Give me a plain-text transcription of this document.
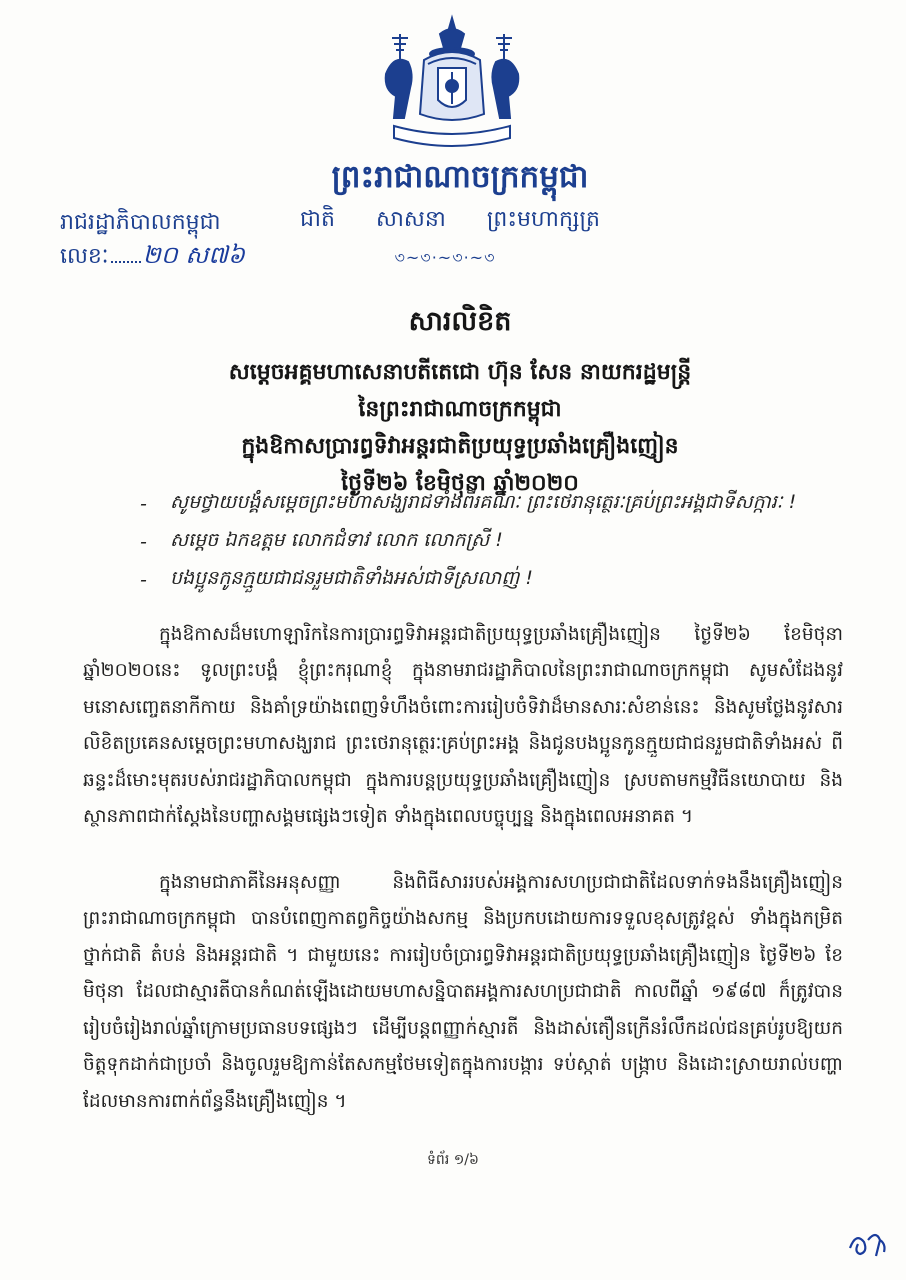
ព្រះរាជាណាចក្រកម្ពុជា
ជាតិ សាសនា ព្រះមហាក្សត្រ
৩~৩·~৩·~৩
រាជរដ្ឋាភិបាលកម្ពុជា
លេខៈ ២០ ស៧៦
សារលិខិត
សម្តេចអគ្គមហាសេនាបតីតេជោ ហ៊ុន សែន នាយករដ្ឋមន្ត្រី
នៃព្រះរាជាណាចក្រកម្ពុជា
ក្នុងឱកាសប្រារព្ធទិវាអន្តរជាតិប្រយុទ្ធប្រឆាំងគ្រឿងញៀន
ថ្ងៃទី២៦ ខែមិថុនា ឆ្នាំ២០២០
-	សូមថ្វាយបង្គំសម្តេចព្រះមហាសង្ឃរាជទាំងពីរគណៈ ព្រះថេរានុត្ថេរៈគ្រប់ព្រះអង្គជាទីសក្ការៈ !
-	សម្តេច ឯកឧត្តម លោកជំទាវ លោក លោកស្រី !
-	បងប្អូនកូនក្មួយជាជនរួមជាតិទាំងអស់ជាទីស្រលាញ់ !

ក្នុងឱកាសដ៏មហោឡារិកនៃការប្រារព្ធទិវាអន្តរជាតិប្រយុទ្ធប្រឆាំងគ្រឿងញៀន ថ្ងៃទី២៦ ខែមិថុនា ឆ្នាំ២០២០នេះ ទូលព្រះបង្គំ ខ្ញុំព្រះករុណាខ្ញុំ ក្នុងនាមរាជរដ្ឋាភិបាលនៃព្រះរាជាណាចក្រកម្ពុជា សូមសំដែងនូវមនោសញ្ចេតនាកីកាយ និងគាំទ្រយ៉ាងពេញទំហឹងចំពោះការរៀបចំទិវាដ៏មានសារៈសំខាន់នេះ និងសូមថ្លែងនូវសារលិខិតប្រគេនសម្តេចព្រះមហាសង្ឃរាជ ព្រះថេរានុត្ថេរៈគ្រប់ព្រះអង្គ និងជូនបងប្អូនកូនក្មួយជាជនរួមជាតិទាំងអស់ ពីឆន្ទះដ៏មោះមុតរបស់រាជរដ្ឋាភិបាលកម្ពុជា ក្នុងការបន្តប្រយុទ្ធប្រឆាំងគ្រឿងញៀន ស្របតាមកម្មវិធីនយោបាយ និងស្ថានភាពជាក់ស្តែងនៃបញ្ហាសង្គមផ្សេងៗទៀត ទាំងក្នុងពេលបច្ចុប្បន្ន និងក្នុងពេលអនាគត ។

ក្នុងនាមជាភាគីនៃអនុសញ្ញា និងពិធីសាររបស់អង្គការសហប្រជាជាតិដែលទាក់ទងនឹងគ្រឿងញៀន ព្រះរាជាណាចក្រកម្ពុជា បានបំពេញកាតព្វកិច្ចយ៉ាងសកម្ម និងប្រកបដោយការទទួលខុសត្រូវខ្ពស់ ទាំងក្នុងកម្រិតថ្នាក់ជាតិ តំបន់ និងអន្តរជាតិ ។ ជាមួយនេះ ការរៀបចំប្រារព្ធទិវាអន្តរជាតិប្រយុទ្ធប្រឆាំងគ្រឿងញៀន ថ្ងៃទី២៦ ខែមិថុនា ដែលជាស្មារតីបានកំណត់ឡើងដោយមហាសន្និបាតអង្គការសហប្រជាជាតិ កាលពីឆ្នាំ ១៩៨៧ ក៏ត្រូវបានរៀបចំរៀងរាល់ឆ្នាំក្រោមប្រធានបទផ្សេងៗ ដើម្បីបន្តពញ្ញាក់ស្មារតី និងដាស់តឿនក្រើនរំលឹកដល់ជនគ្រប់រូបឱ្យយកចិត្តទុកដាក់ជាប្រចាំ និងចូលរួមឱ្យកាន់តែសកម្មថែមទៀតក្នុងការបង្ការ ទប់ស្កាត់ បង្ក្រាប និងដោះស្រាយរាល់បញ្ហាដែលមានការពាក់ព័ន្ធនឹងគ្រឿងញៀន ។

ទំព័រ ១/៦
